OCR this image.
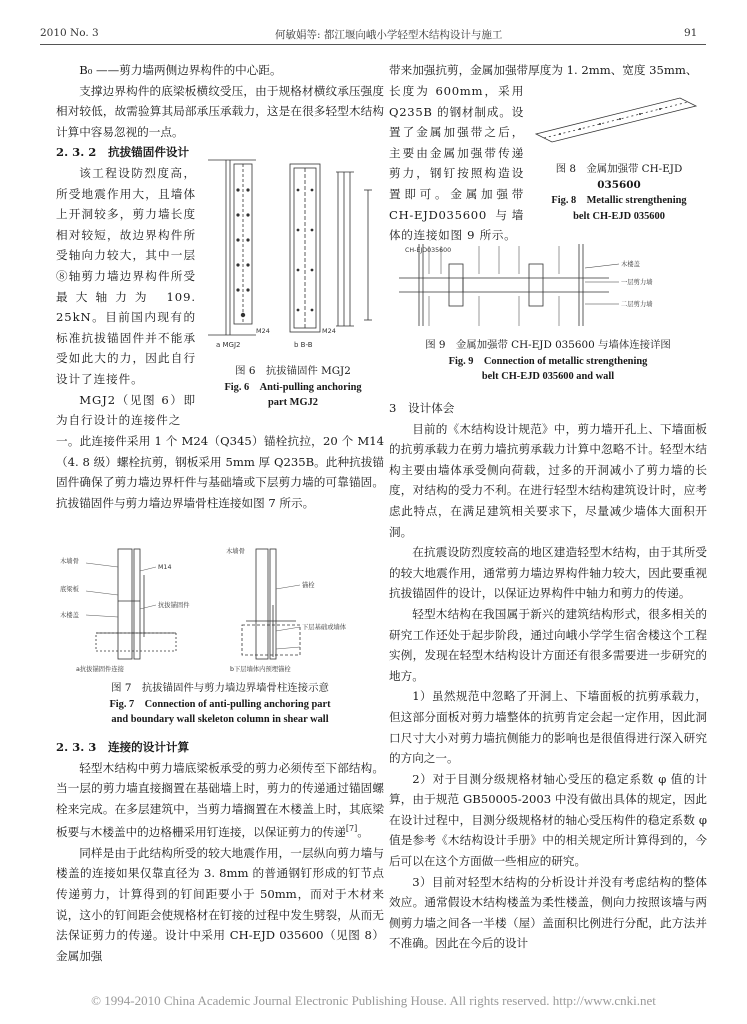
2010 No. 3	何敏娟等: 都江堰向峨小学轻型木结构设计与施工	91

B₀ ——剪力墙两侧边界构件的中心距。

支撑边界构件的底梁板横纹受压，由于规格材横纹承压强度相对较低，故需验算其局部承压承载力，这是在很多轻型木结构计算中容易忽视的一点。

2. 3. 2　抗拔锚固件设计

该工程设防烈度高，所受地震作用大，且墙体上开洞较多，剪力墙长度相对较短，故边界构件所受轴向力较大，其中一层⑧轴剪力墙边界构件所受最大轴力为 109. 25kN。目前国内现有的标准抗拔锚固件并不能承受如此大的力，因此自行设计了连接件。

MGJ2（见图 6）即为自行设计的连接件之

M24	M24
a MGJ2	b B-B

图 6　抗拔锚固件 MGJ2

Fig. 6　Anti-pulling anchoring

part MGJ2

一。此连接件采用 1 个 M24（Q345）锚栓抗拉，20 个 M14（4. 8 级）螺栓抗剪，钢板采用 5mm 厚 Q235B。此种抗拔锚固件确保了剪力墙边界杆件与基础墙或下层剪力墙的可靠锚固。抗拔锚固件与剪力墙边界墙骨柱连接如图 7 所示。

木墙骨
M14
底梁板
抗拔锚固件
木楼盖
木墙骨
锚栓
下层基础或墙体
a抗拔锚固件连接	b下层墙体内预埋锚栓

图 7　抗拔锚固件与剪力墙边界墙骨柱连接示意

Fig. 7　Connection of anti-pulling anchoring part

and boundary wall skeleton column in shear wall

2. 3. 3　连接的设计计算

轻型木结构中剪力墙底梁板承受的剪力必须传至下部结构。当一层的剪力墙直接搁置在基础墙上时，剪力的传递通过锚固螺栓来完成。在多层建筑中，当剪力墙搁置在木楼盖上时，其底梁板要与木楼盖中的边格栅采用钉连接，以保证剪力的传递[7]。

同样是由于此结构所受的较大地震作用，一层纵向剪力墙与楼盖的连接如果仅靠直径为 3. 8mm 的普通钢钉形成的钉节点传递剪力，计算得到的钉间距要小于 50mm，而对于木材来说，这小的钉间距会使规格材在钉接的过程中发生劈裂，从而无法保证剪力的传递。设计中采用 CH-EJD 035600（见图 8）金属加强

带来加强抗剪，金属加强带厚度为 1. 2mm、宽度 35mm、

长度为 600mm，采用 Q235B 的钢材制成。设置了金属加强带之后，主要由金属加强带传递剪力，钢钉按照构造设置即可。金属加强带 CH-EJD035600 与墙体的连接如图 9 所示。

图 8　金属加强带 CH-EJD

035600

Fig. 8　Metallic strengthening

belt CH-EJD 035600

CH-EJD035600
木楼盖
一层剪力墙
二层剪力墙

图 9　金属加强带 CH-EJD 035600 与墙体连接详图

Fig. 9　Connection of metallic strengthening

belt CH-EJD 035600 and wall

3　设计体会

目前的《木结构设计规范》中，剪力墙开孔上、下墙面板的抗剪承载力在剪力墙抗剪承载力计算中忽略不计。轻型木结构主要由墙体承受侧向荷载，过多的开洞减小了剪力墙的长度，对结构的受力不利。在进行轻型木结构建筑设计时，应考虑此特点，在满足建筑相关要求下，尽量减少墙体大面积开洞。

在抗震设防烈度较高的地区建造轻型木结构，由于其所受的较大地震作用，通常剪力墙边界构件轴力较大，因此要重视抗拔锚固件的设计，以保证边界构件中轴力和剪力的传递。

轻型木结构在我国属于新兴的建筑结构形式，很多相关的研究工作还处于起步阶段，通过向峨小学学生宿舍楼这个工程实例，发现在轻型木结构设计方面还有很多需要进一步研究的地方。

1）虽然规范中忽略了开洞上、下墙面板的抗剪承载力，但这部分面板对剪力墙整体的抗剪肯定会起一定作用，因此洞口尺寸大小对剪力墙抗侧能力的影响也是很值得进行深入研究的方向之一。

2）对于目测分级规格材轴心受压的稳定系数 φ 值的计算，由于规范 GB50005-2003 中没有做出具体的规定，因此在设计过程中，目测分级规格材的轴心受压构件的稳定系数 φ 值是参考《木结构设计手册》中的相关规定所计算得到的，今后可以在这个方面做一些相应的研究。

3）目前对轻型木结构的分析设计并没有考虑结构的整体效应。通常假设木结构楼盖为柔性楼盖，侧向力按照该墙与两侧剪力墙之间各一半楼（屋）盖面积比例进行分配，此方法并不准确。因此在今后的设计

© 1994-2010 China Academic Journal Electronic Publishing House. All rights reserved. http://www.cnki.net
